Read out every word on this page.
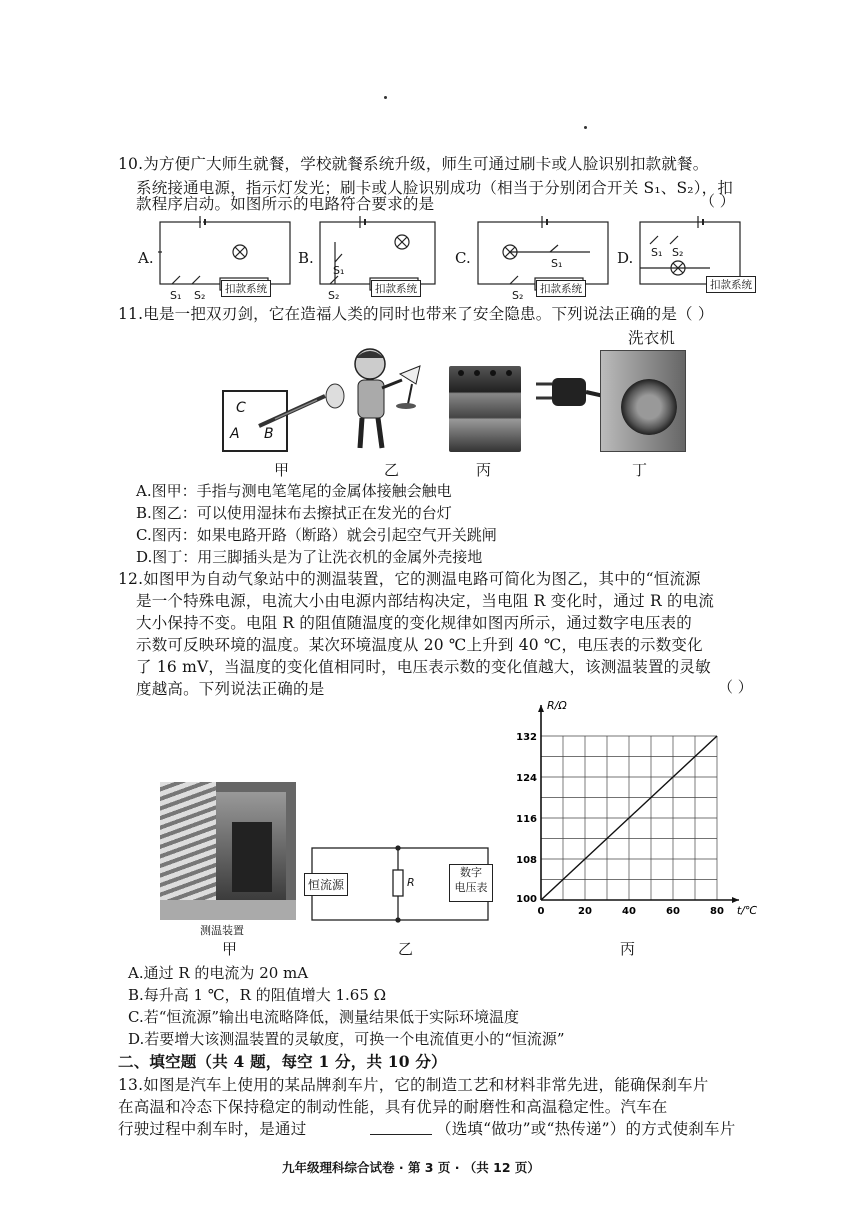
10.为方便广大师生就餐，学校就餐系统升级，师生可通过刷卡或人脸识别扣款就餐。
系统接通电源，指示灯发光；刷卡或人脸识别成功（相当于分别闭合开关 S₁、S₂），扣
款程序启动。如图所示的电路符合要求的是	（ ）
A.	B.	C.	D.
S₁ S₂	扣款系统
S₁
S₂	扣款系统
S₁
S₂	扣款系统
S₁ S₂
扣款系统
11.电是一把双刃剑，它在造福人类的同时也带来了安全隐患。下列说法正确的是（ ）
洗衣机
C
A B
甲	乙	丙	丁
A.图甲：手指与测电笔笔尾的金属体接触会触电
B.图乙：可以使用湿抹布去擦拭正在发光的台灯
C.图丙：如果电路开路（断路）就会引起空气开关跳闸
D.图丁：用三脚插头是为了让洗衣机的金属外壳接地
12.如图甲为自动气象站中的测温装置，它的测温电路可简化为图乙，其中的“恒流源
是一个特殊电源，电流大小由电源内部结构决定，当电阻 R 变化时，通过 R 的电流
大小保持不变。电阻 R 的阻值随温度的变化规律如图丙所示，通过数字电压表的
示数可反映环境的温度。某次环境温度从 20 ℃上升到 40 ℃，电压表的示数变化
了 16 mV，当温度的变化值相同时，电压表示数的变化值越大，该测温装置的灵敏
度越高。下列说法正确的是	（ ）
测温装置
恒流源	R
数字
电压表
0	20	40	60	80
108
116
124
132
100
t/℃
R/Ω
甲	乙	丙
A.通过 R 的电流为 20 mA
B.每升高 1 ℃，R 的阻值增大 1.65 Ω
C.若“恒流源”输出电流略降低，测量结果低于实际环境温度
D.若要增大该测温装置的灵敏度，可换一个电流值更小的“恒流源”
二、填空题（共 4 题，每空 1 分，共 10 分）
13.如图是汽车上使用的某品牌刹车片，它的制造工艺和材料非常先进，能确保刹车片
在高温和冷态下保持稳定的制动性能，具有优异的耐磨性和高温稳定性。汽车在
行驶过程中刹车时，是通过	（选填“做功”或“热传递”）的方式使刹车片
九年级理科综合试卷 · 第 3 页 · （共 12 页）
